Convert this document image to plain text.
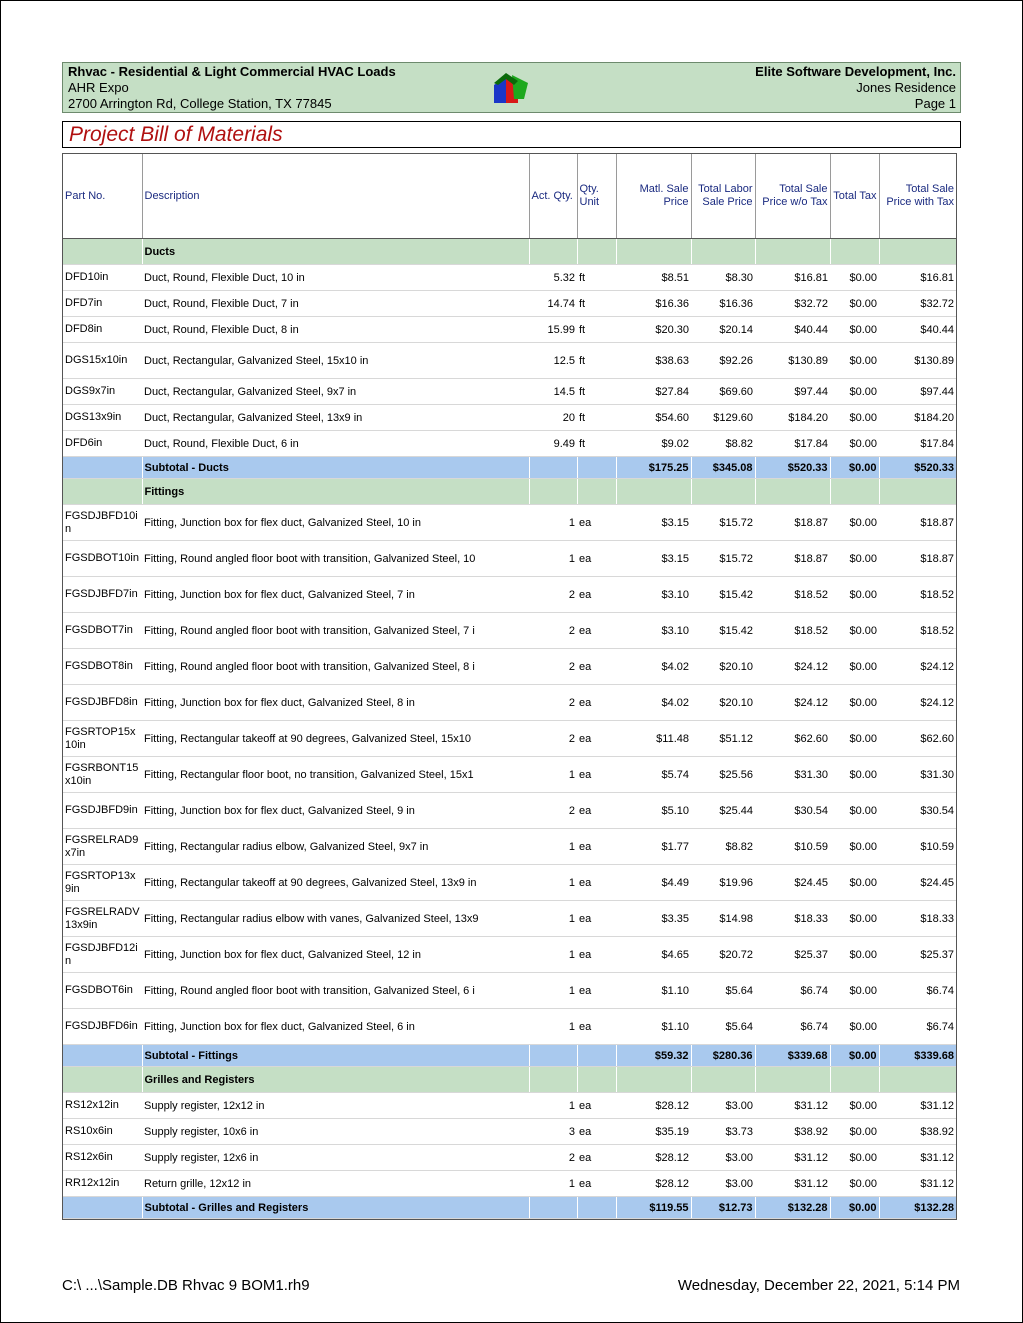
Rhvac - Residential & Light Commercial HVAC Loads
AHR Expo
2700 Arrington Rd, College Station, TX 77845
Elite Software Development, Inc.
Jones Residence
Page 1
Project Bill of Materials
Part No.	Description	Act. Qty.	Qty. Unit	Matl. Sale Price	Total Labor Sale Price	Total Sale Price w/o Tax	Total Tax	Total Sale Price with Tax
	Ducts							
DFD10in	Duct, Round, Flexible Duct, 10 in	5.32	ft	$8.51	$8.30	$16.81	$0.00	$16.81
DFD7in	Duct, Round, Flexible Duct, 7 in	14.74	ft	$16.36	$16.36	$32.72	$0.00	$32.72
DFD8in	Duct, Round, Flexible Duct, 8 in	15.99	ft	$20.30	$20.14	$40.44	$0.00	$40.44
DGS15x10in	Duct, Rectangular, Galvanized Steel, 15x10 in	12.5	ft	$38.63	$92.26	$130.89	$0.00	$130.89
DGS9x7in	Duct, Rectangular, Galvanized Steel, 9x7 in	14.5	ft	$27.84	$69.60	$97.44	$0.00	$97.44
DGS13x9in	Duct, Rectangular, Galvanized Steel, 13x9 in	20	ft	$54.60	$129.60	$184.20	$0.00	$184.20
DFD6in	Duct, Round, Flexible Duct, 6 in	9.49	ft	$9.02	$8.82	$17.84	$0.00	$17.84
	Subtotal - Ducts			$175.25	$345.08	$520.33	$0.00	$520.33
	Fittings							
FGSDJBFD10in	Fitting, Junction box for flex duct, Galvanized Steel, 10 in	1	ea	$3.15	$15.72	$18.87	$0.00	$18.87
FGSDBOT10in	Fitting, Round angled floor boot with transition, Galvanized Steel, 10	1	ea	$3.15	$15.72	$18.87	$0.00	$18.87
FGSDJBFD7in	Fitting, Junction box for flex duct, Galvanized Steel, 7 in	2	ea	$3.10	$15.42	$18.52	$0.00	$18.52
FGSDBOT7in	Fitting, Round angled floor boot with transition, Galvanized Steel, 7 i	2	ea	$3.10	$15.42	$18.52	$0.00	$18.52
FGSDBOT8in	Fitting, Round angled floor boot with transition, Galvanized Steel, 8 i	2	ea	$4.02	$20.10	$24.12	$0.00	$24.12
FGSDJBFD8in	Fitting, Junction box for flex duct, Galvanized Steel, 8 in	2	ea	$4.02	$20.10	$24.12	$0.00	$24.12
FGSRTOP15x10in	Fitting, Rectangular takeoff at 90 degrees, Galvanized Steel, 15x10	2	ea	$11.48	$51.12	$62.60	$0.00	$62.60
FGSRBONT15x10in	Fitting, Rectangular floor boot, no transition, Galvanized Steel, 15x1	1	ea	$5.74	$25.56	$31.30	$0.00	$31.30
FGSDJBFD9in	Fitting, Junction box for flex duct, Galvanized Steel, 9 in	2	ea	$5.10	$25.44	$30.54	$0.00	$30.54
FGSRELRAD9x7in	Fitting, Rectangular radius elbow, Galvanized Steel, 9x7 in	1	ea	$1.77	$8.82	$10.59	$0.00	$10.59
FGSRTOP13x9in	Fitting, Rectangular takeoff at 90 degrees, Galvanized Steel, 13x9 in	1	ea	$4.49	$19.96	$24.45	$0.00	$24.45
FGSRELRADV13x9in	Fitting, Rectangular radius elbow with vanes, Galvanized Steel, 13x9	1	ea	$3.35	$14.98	$18.33	$0.00	$18.33
FGSDJBFD12in	Fitting, Junction box for flex duct, Galvanized Steel, 12 in	1	ea	$4.65	$20.72	$25.37	$0.00	$25.37
FGSDBOT6in	Fitting, Round angled floor boot with transition, Galvanized Steel, 6 i	1	ea	$1.10	$5.64	$6.74	$0.00	$6.74
FGSDJBFD6in	Fitting, Junction box for flex duct, Galvanized Steel, 6 in	1	ea	$1.10	$5.64	$6.74	$0.00	$6.74
	Subtotal - Fittings			$59.32	$280.36	$339.68	$0.00	$339.68
	Grilles and Registers							
RS12x12in	Supply register, 12x12 in	1	ea	$28.12	$3.00	$31.12	$0.00	$31.12
RS10x6in	Supply register, 10x6 in	3	ea	$35.19	$3.73	$38.92	$0.00	$38.92
RS12x6in	Supply register, 12x6 in	2	ea	$28.12	$3.00	$31.12	$0.00	$31.12
RR12x12in	Return grille, 12x12 in	1	ea	$28.12	$3.00	$31.12	$0.00	$31.12
	Subtotal - Grilles and Registers			$119.55	$12.73	$132.28	$0.00	$132.28
C:\ ...\Sample.DB Rhvac 9 BOM1.rh9	Wednesday, December 22, 2021, 5:14 PM
